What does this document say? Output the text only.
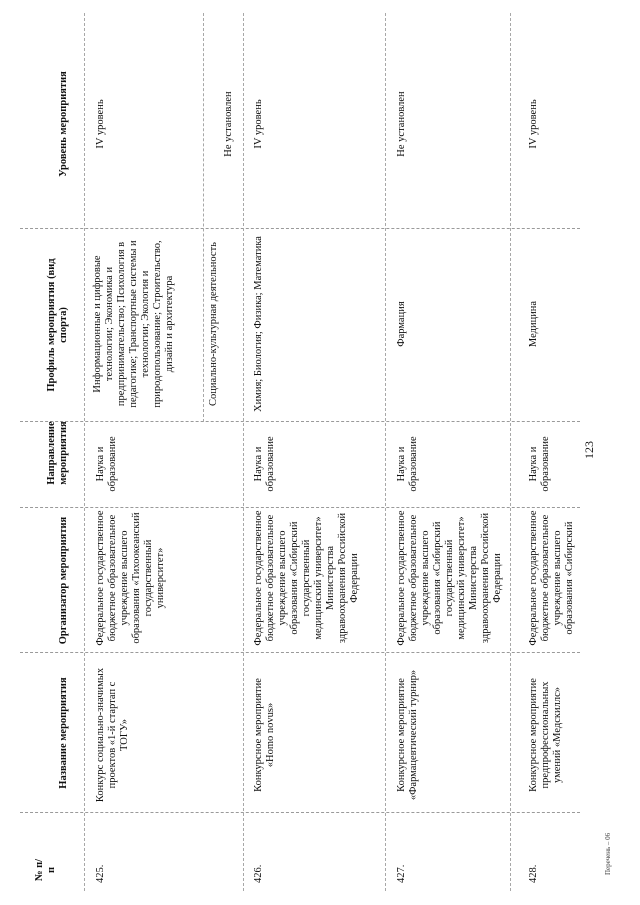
123
Перечень – 06
№ п/п
Название мероприятия
Организатор мероприятия
Направление мероприятия
Профиль мероприятия (вид спорта)
Уровень мероприятия
425.
Конкурс социально-значимых проектов «1-й стартап с ТОГУ»
Федеральное государственное бюджетное образовательное учреждение высшего образования «Тихоокеанский государственный университет»
Наука и образование
Информационные и цифровые технологии; Экономика и предпринимательство; Психология в педагогике; Транспортные системы и технологии; Экология и природопользование; Строительство, дизайн и архитектура
IV уровень
Социально-культурная деятельность
Не установлен
426.
Конкурсное мероприятие «Homo novus»
Федеральное государственное бюджетное образовательное учреждение высшего образования «Сибирский государственный медицинский университет» Министерства здравоохранения Российской Федерации
Наука и образование
Химия; Биология; Физика; Математика
IV уровень
427.
Конкурсное мероприятие «Фармацевтический турнир»
Федеральное государственное бюджетное образовательное учреждение высшего образования «Сибирский государственный медицинский университет» Министерства здравоохранения Российской Федерации
Наука и образование
Фармация
Не установлен
428.
Конкурсное мероприятие предпрофессиональных умений «Медскиллс»
Федеральное государственное бюджетное образовательное учреждение высшего образования «Сибирский
Наука и образование
Медицина
IV уровень
